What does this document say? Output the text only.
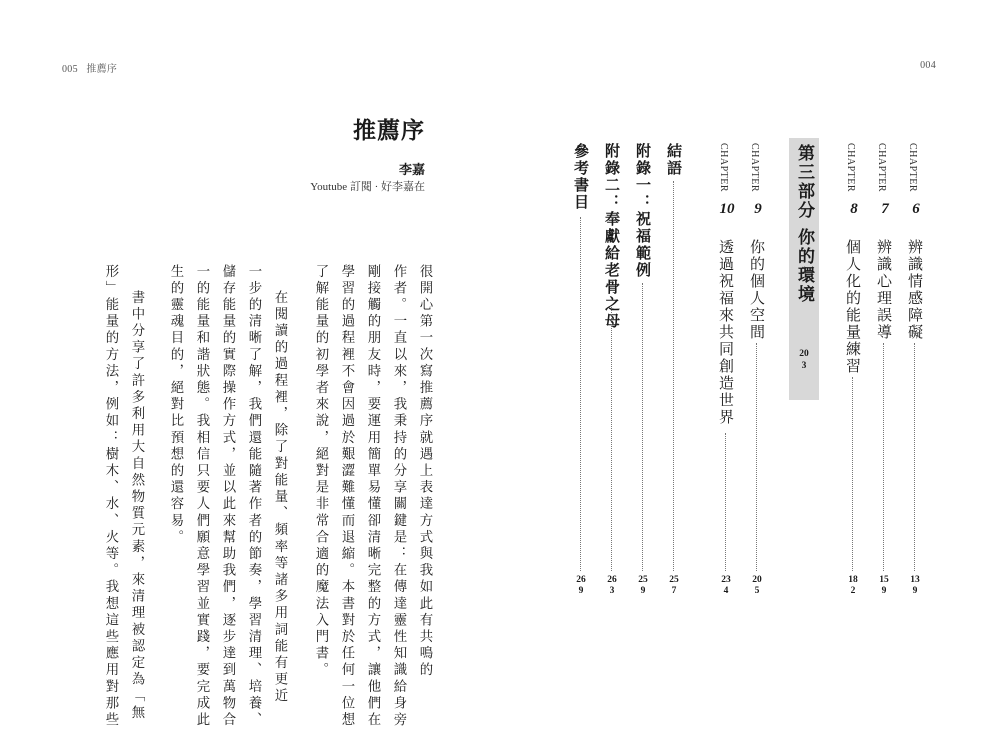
005 推薦序
推薦序
李嘉
Youtube 訂閱 · 好李嘉在
很開心第一次寫推薦序就遇上表達方式與我如此有共鳴的
作者。一直以來，我秉持的分享關鍵是：在傳達靈性知識給身旁
剛接觸的朋友時，要運用簡單易懂卻清晰完整的方式，讓他們在
學習的過程裡不會因過於艱澀難懂而退縮。本書對於任何一位想
了解能量的初學者來說，絕對是非常合適的魔法入門書。
在閱讀的過程裡，除了對能量、頻率等諸多用詞能有更近
一步的清晰了解，我們還能隨著作者的節奏，學習清理、培養、
儲存能量的實際操作方式，並以此來幫助我們，逐步達到萬物合
一的能量和諧狀態。我相信只要人們願意學習並實踐，要完成此
生的靈魂目的，絕對比預想的還容易。
書中分享了許多利用大自然物質元素，來清理被認定為「無
形」能量的方法，例如：樹木、水、火等。我想這些應用對那些
004
CHAPTER
6
辨識情感障礙
139
CHAPTER
7
辨識心理誤導
159
CHAPTER
8
個人化的能量練習
182
第三部分 你的環境
203
CHAPTER
9
你的個人空間
205
CHAPTER
10
透過祝福來共同創造世界
234
結語
257
附錄一：祝福範例
259
附錄二：奉獻給老骨之母
263
參考書目
269
